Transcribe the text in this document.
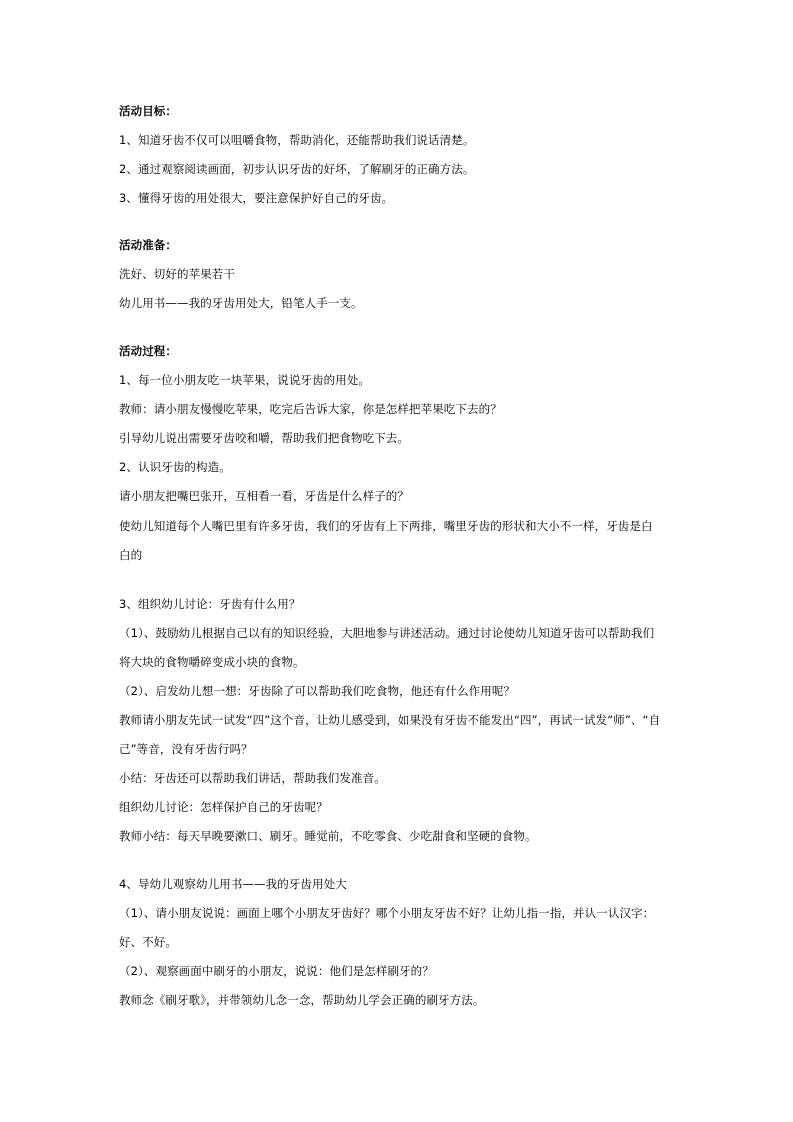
活动目标：
1、知道牙齿不仅可以咀嚼食物，帮助消化，还能帮助我们说话清楚。
2、通过观察阅读画面，初步认识牙齿的好坏，了解刷牙的正确方法。
3、懂得牙齿的用处很大，要注意保护好自己的牙齿。
活动准备：
洗好、切好的苹果若干
幼儿用书——我的牙齿用处大，铅笔人手一支。
活动过程：
1、每一位小朋友吃一块苹果，说说牙齿的用处。
教师：请小朋友慢慢吃苹果，吃完后告诉大家，你是怎样把苹果吃下去的？
引导幼儿说出需要牙齿咬和嚼，帮助我们把食物吃下去。
2、认识牙齿的构造。
请小朋友把嘴巴张开，互相看一看，牙齿是什么样子的？
使幼儿知道每个人嘴巴里有许多牙齿，我们的牙齿有上下两排，嘴里牙齿的形状和大小不一样，牙齿是白
白的
3、组织幼儿讨论：牙齿有什么用？
（1）、鼓励幼儿根据自己以有的知识经验，大胆地参与讲述活动。通过讨论使幼儿知道牙齿可以帮助我们
将大块的食物嚼碎变成小块的食物。
（2）、启发幼儿想一想：牙齿除了可以帮助我们吃食物，他还有什么作用呢？
教师请小朋友先试一试发“四”这个音，让幼儿感受到，如果没有牙齿不能发出“四”，再试一试发“师”、“自
己”等音，没有牙齿行吗？
小结：牙齿还可以帮助我们讲话，帮助我们发准音。
组织幼儿讨论：怎样保护自己的牙齿呢？
教师小结：每天早晚要漱口、刷牙。睡觉前，不吃零食、少吃甜食和坚硬的食物。
4、导幼儿观察幼儿用书——我的牙齿用处大
（1）、请小朋友说说：画面上哪个小朋友牙齿好？哪个小朋友牙齿不好？让幼儿指一指，并认一认汉字：
好、不好。
（2）、观察画面中刷牙的小朋友，说说：他们是怎样刷牙的？
教师念《刷牙歌》，并带领幼儿念一念，帮助幼儿学会正确的刷牙方法。
